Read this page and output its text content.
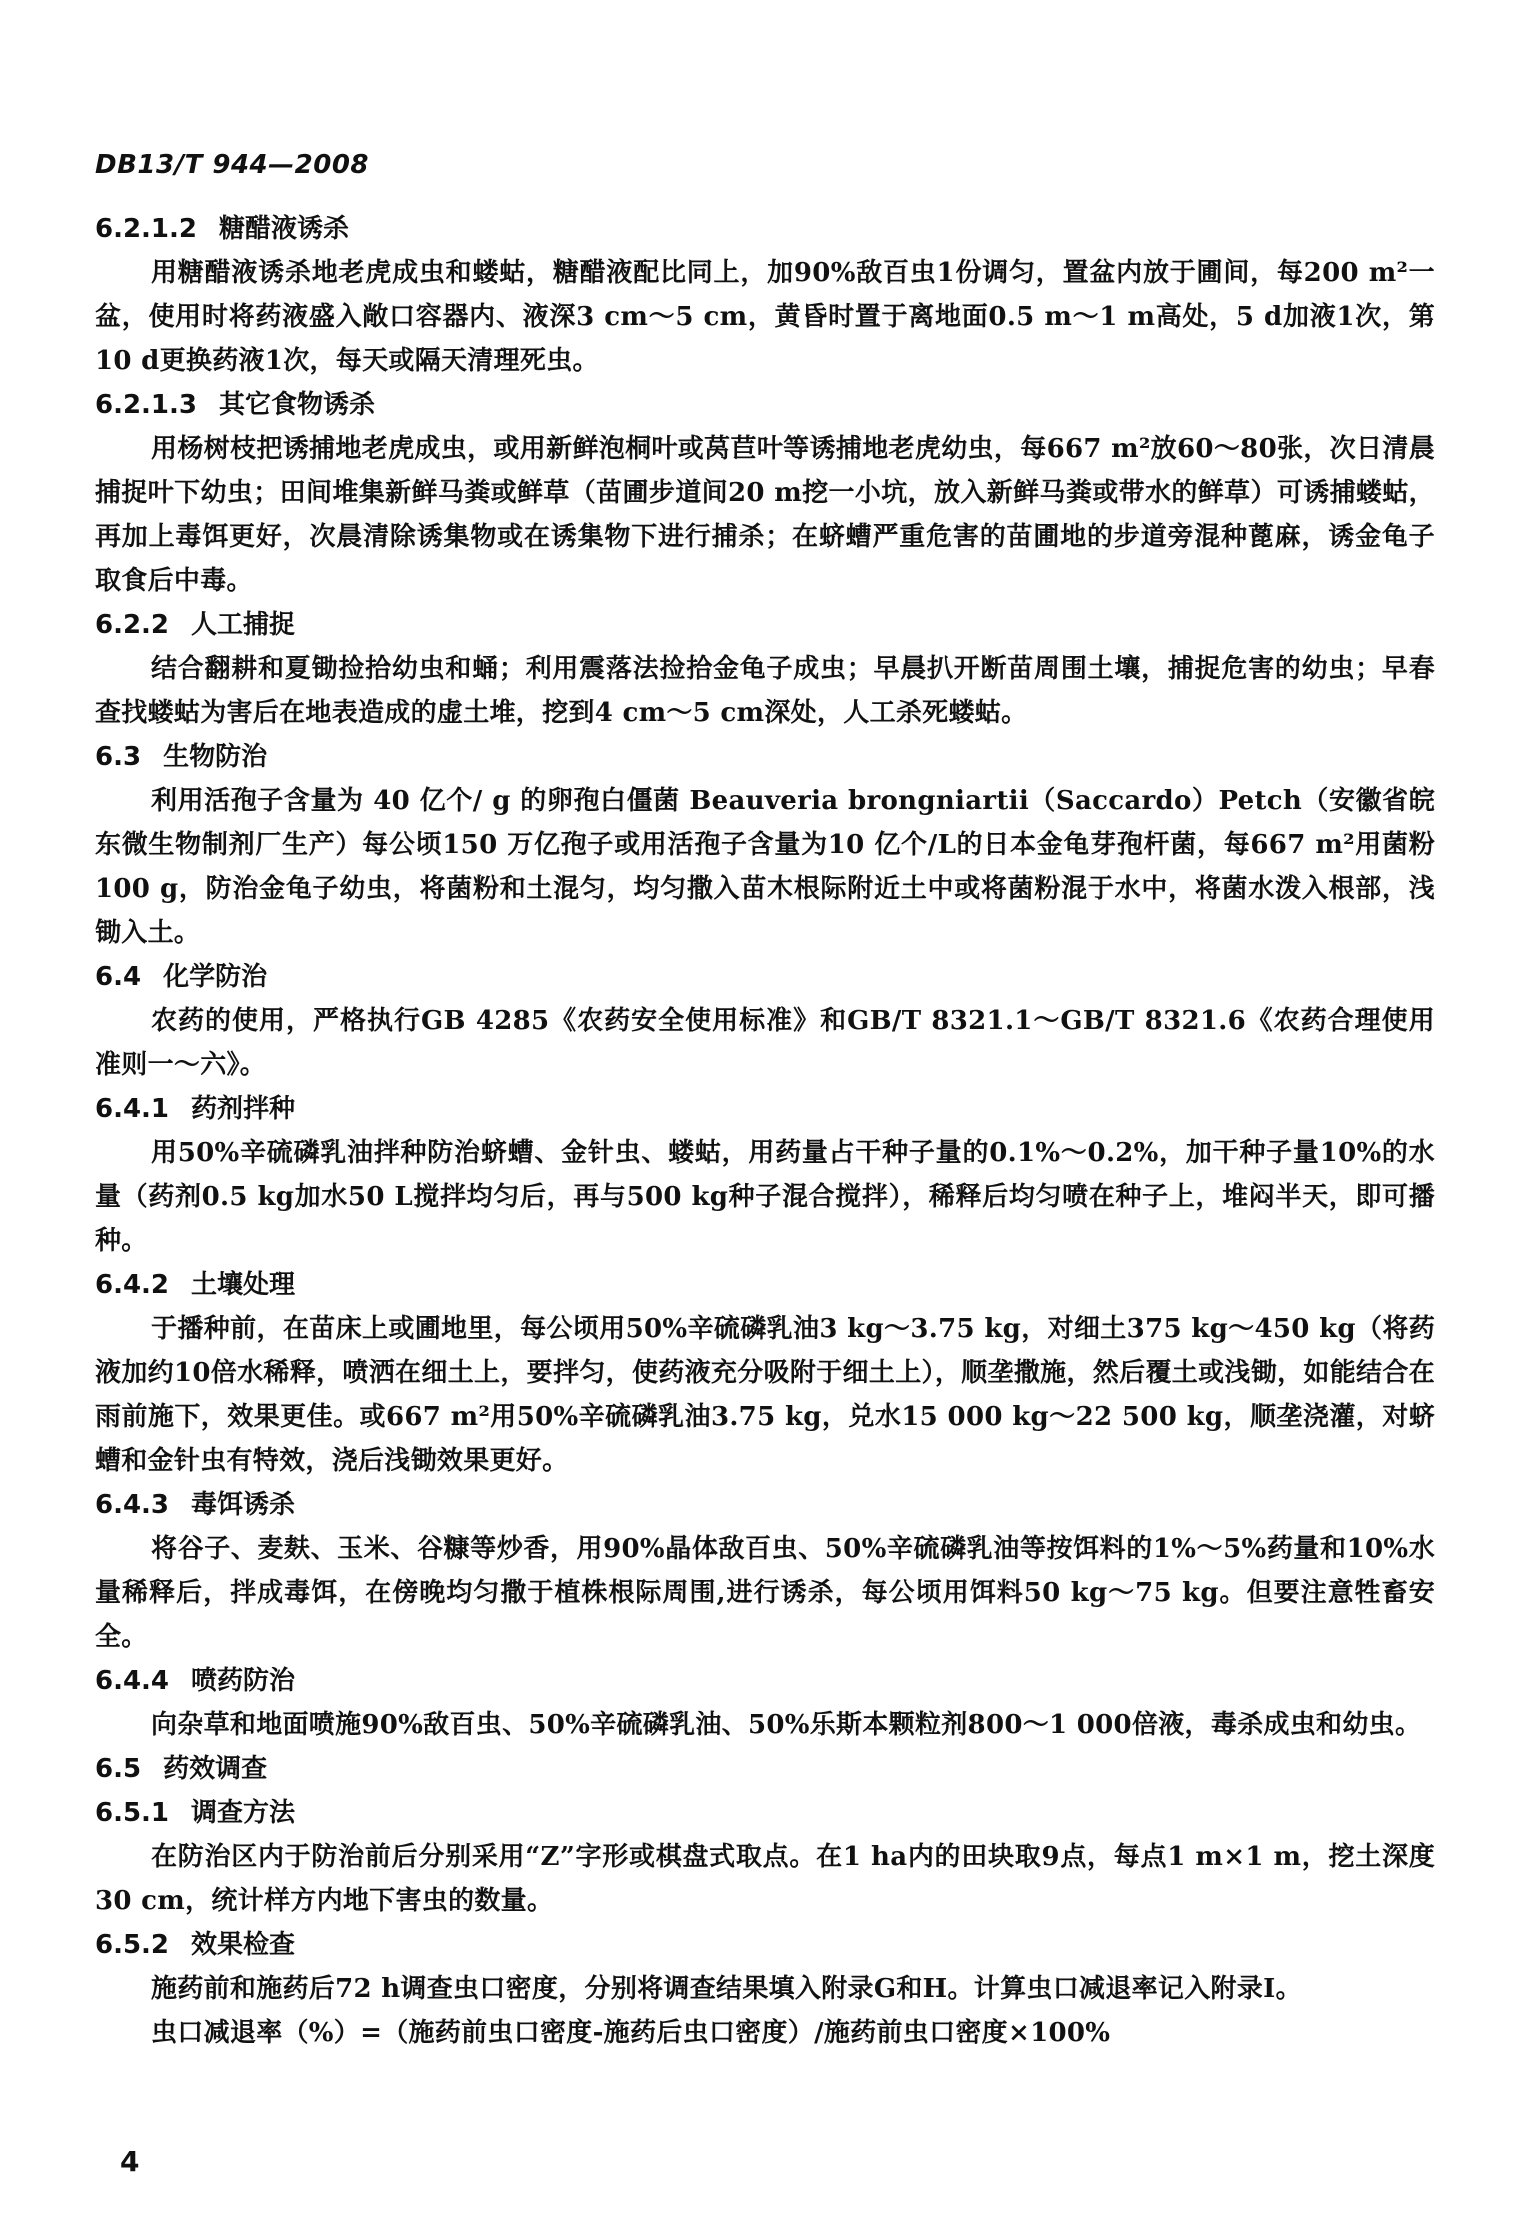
DB13/T 944—2008
6.2.1.2 糖醋液诱杀
用糖醋液诱杀地老虎成虫和蝼蛄，糖醋液配比同上，加90%敌百虫1份调匀，置盆内放于圃间，每200 m²一盆，使用时将药液盛入敞口容器内、液深3 cm～5 cm，黄昏时置于离地面0.5 m～1 m高处，5 d加液1次，第10 d更换药液1次，每天或隔天清理死虫。
6.2.1.3 其它食物诱杀
用杨树枝把诱捕地老虎成虫，或用新鲜泡桐叶或莴苣叶等诱捕地老虎幼虫，每667 m²放60～80张，次日清晨捕捉叶下幼虫；田间堆集新鲜马粪或鲜草（苗圃步道间20 m挖一小坑，放入新鲜马粪或带水的鲜草）可诱捕蝼蛄，再加上毒饵更好，次晨清除诱集物或在诱集物下进行捕杀；在蛴螬严重危害的苗圃地的步道旁混种蓖麻，诱金龟子取食后中毒。
6.2.2 人工捕捉
结合翻耕和夏锄捡拾幼虫和蛹；利用震落法捡拾金龟子成虫；早晨扒开断苗周围土壤，捕捉危害的幼虫；早春查找蝼蛄为害后在地表造成的虚土堆，挖到4 cm～5 cm深处，人工杀死蝼蛄。
6.3 生物防治
利用活孢子含量为 40 亿个/ g 的卵孢白僵菌 Beauveria brongniartii（Saccardo）Petch（安徽省皖东微生物制剂厂生产）每公顷150 万亿孢子或用活孢子含量为10 亿个/L的日本金龟芽孢杆菌，每667 m²用菌粉100 g，防治金龟子幼虫，将菌粉和土混匀，均匀撒入苗木根际附近土中或将菌粉混于水中，将菌水泼入根部，浅锄入土。
6.4 化学防治
农药的使用，严格执行GB 4285《农药安全使用标准》和GB/T 8321.1～GB/T 8321.6《农药合理使用准则一～六》。
6.4.1 药剂拌种
用50%辛硫磷乳油拌种防治蛴螬、金针虫、蝼蛄，用药量占干种子量的0.1%～0.2%，加干种子量10%的水量（药剂0.5 kg加水50 L搅拌均匀后，再与500 kg种子混合搅拌），稀释后均匀喷在种子上，堆闷半天，即可播种。
6.4.2 土壤处理
于播种前，在苗床上或圃地里，每公顷用50%辛硫磷乳油3 kg～3.75 kg，对细土375 kg～450 kg（将药液加约10倍水稀释，喷洒在细土上，要拌匀，使药液充分吸附于细土上），顺垄撒施，然后覆土或浅锄，如能结合在雨前施下，效果更佳。或667 m²用50%辛硫磷乳油3.75 kg，兑水15 000 kg～22 500 kg，顺垄浇灌，对蛴螬和金针虫有特效，浇后浅锄效果更好。
6.4.3 毒饵诱杀
将谷子、麦麸、玉米、谷糠等炒香，用90%晶体敌百虫、50%辛硫磷乳油等按饵料的1%～5%药量和10%水量稀释后，拌成毒饵，在傍晚均匀撒于植株根际周围,进行诱杀，每公顷用饵料50 kg～75 kg。但要注意牲畜安全。
6.4.4 喷药防治
向杂草和地面喷施90%敌百虫、50%辛硫磷乳油、50%乐斯本颗粒剂800～1 000倍液，毒杀成虫和幼虫。
6.5 药效调查
6.5.1 调查方法
在防治区内于防治前后分别采用“Z”字形或棋盘式取点。在1 ha内的田块取9点，每点1 m×1 m，挖土深度30 cm，统计样方内地下害虫的数量。
6.5.2 效果检查
施药前和施药后72 h调查虫口密度，分别将调查结果填入附录G和H。计算虫口减退率记入附录I。
虫口减退率（%）=（施药前虫口密度-施药后虫口密度）/施药前虫口密度×100%
4
